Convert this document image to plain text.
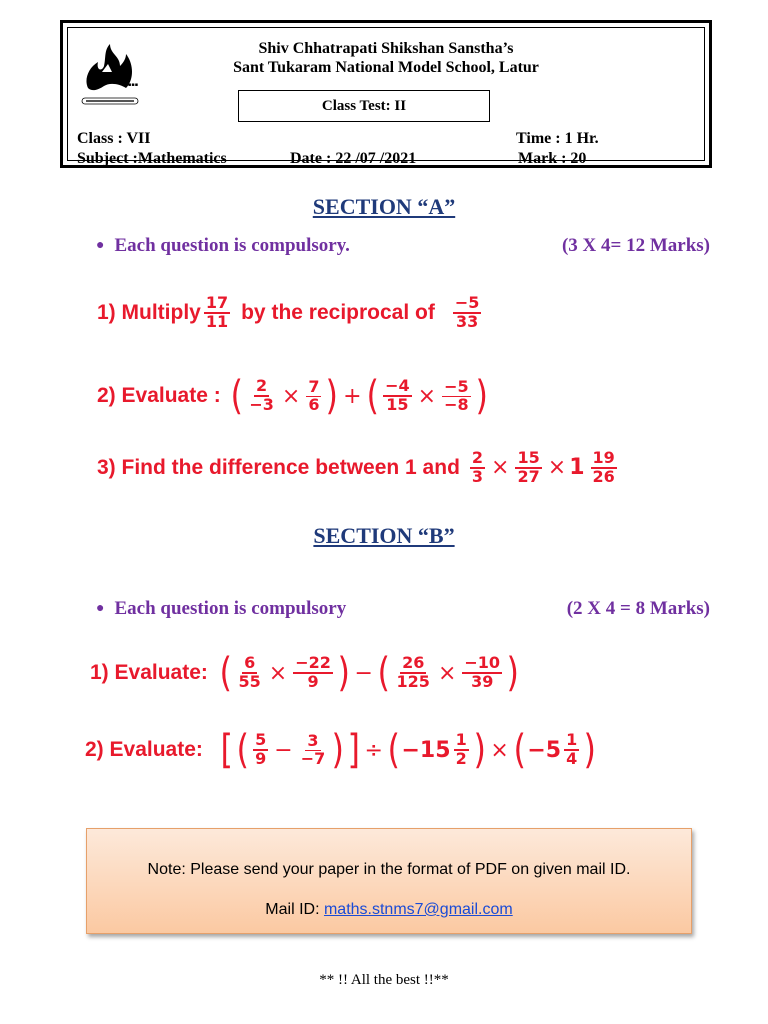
▪▪▪
Shiv Chhatrapati Shikshan Sanstha’s
Sant Tukaram National Model School, Latur
Class Test: II
Class : VII	Time : 1 Hr.
Subject :Mathematics	Date : 22 /07 /2021	Mark : 20
SECTION “A”
● Each question is compulsory.	(3 X 4= 12 Marks)
1) Multiply $\frac{17}{11}$ by the reciprocal of $\frac{-5}{33}$
2) Evaluate : ( $\frac{2}{-3} \times \frac{7}{6}$ ) + ( $\frac{-4}{15} \times \frac{-5}{-8}$ )
3) Find the difference between 1 and $\frac{2}{3} \times \frac{15}{27} \times 1 \frac{19}{26}$
SECTION “B”
● Each question is compulsory	(2 X 4 = 8 Marks)
1) Evaluate: ( $\frac{6}{55} \times \frac{-22}{9}$ ) − ( $\frac{26}{125} \times \frac{-10}{39}$ )
2) Evaluate: [ ( $\frac{5}{9} - \frac{3}{-7}$ ) ] ÷ ( $-15 \frac{1}{2}$ ) × ( $-5 \frac{1}{4}$ )
Note: Please send your paper in the format of PDF on given mail ID.
Mail ID: maths.stnms7@gmail.com
** !! All the best !!**
